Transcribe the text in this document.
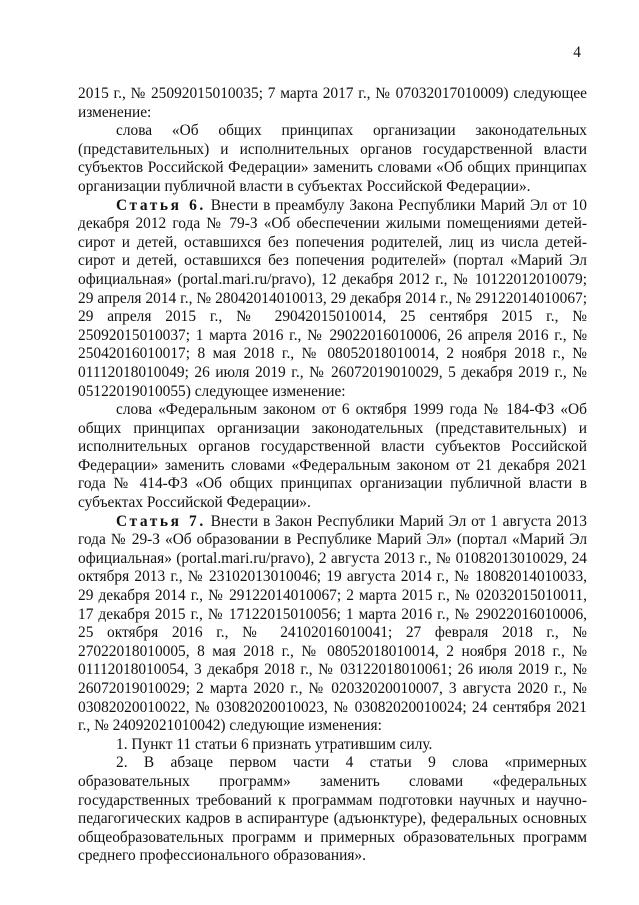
4

2015 г., № 25092015010035; 7 марта 2017 г., № 07032017010009) следующее изменение:

слова «Об общих принципах организации законодательных (представительных) и исполнительных органов государственной власти субъектов Российской Федерации» заменить словами «Об общих принципах организации публичной власти в субъектах Российской Федерации».

Статья 6. Внести в преамбулу Закона Республики Марий Эл от 10 декабря 2012 года № 79-З «Об обеспечении жилыми помещениями детей-сирот и детей, оставшихся без попечения родителей, лиц из числа детей-сирот и детей, оставшихся без попечения родителей» (портал «Марий Эл официальная» (portal.mari.ru/pravo), 12 декабря 2012 г., № 10122012010079; 29 апреля 2014 г., № 28042014010013, 29 декабря 2014 г., № 29122014010067; 29 апреля 2015 г., № 29042015010014, 25 сентября 2015 г., № 25092015010037; 1 марта 2016 г., № 29022016010006, 26 апреля 2016 г., № 25042016010017; 8 мая 2018 г., № 08052018010014, 2 ноября 2018 г., № 01112018010049; 26 июля 2019 г., № 26072019010029, 5 декабря 2019 г., № 05122019010055) следующее изменение:

слова «Федеральным законом от 6 октября 1999 года № 184-ФЗ «Об общих принципах организации законодательных (представительных) и исполнительных органов государственной власти субъектов Российской Федерации» заменить словами «Федеральным законом от 21 декабря 2021 года № 414-ФЗ «Об общих принципах организации публичной власти в субъектах Российской Федерации».

Статья 7. Внести в Закон Республики Марий Эл от 1 августа 2013 года № 29-З «Об образовании в Республике Марий Эл» (портал «Марий Эл официальная» (portal.mari.ru/pravo), 2 августа 2013 г., № 01082013010029, 24 октября 2013 г., № 23102013010046; 19 августа 2014 г., № 18082014010033, 29 декабря 2014 г., № 29122014010067; 2 марта 2015 г., № 02032015010011, 17 декабря 2015 г., № 17122015010056; 1 марта 2016 г., № 29022016010006, 25 октября 2016 г., № 24102016010041; 27 февраля 2018 г., № 27022018010005, 8 мая 2018 г., № 08052018010014, 2 ноября 2018 г., № 01112018010054, 3 декабря 2018 г., № 03122018010061; 26 июля 2019 г., № 26072019010029; 2 марта 2020 г., № 02032020010007, 3 августа 2020 г., № 03082020010022, № 03082020010023, № 03082020010024; 24 сентября 2021 г., № 24092021010042) следующие изменения:

1. Пункт 11 статьи 6 признать утратившим силу.

2. В абзаце первом части 4 статьи 9 слова «примерных образовательных программ» заменить словами «федеральных государственных требований к программам подготовки научных и научно-педагогических кадров в аспирантуре (адъюнктуре), федеральных основных общеобразовательных программ и примерных образовательных программ среднего профессионального образования».
